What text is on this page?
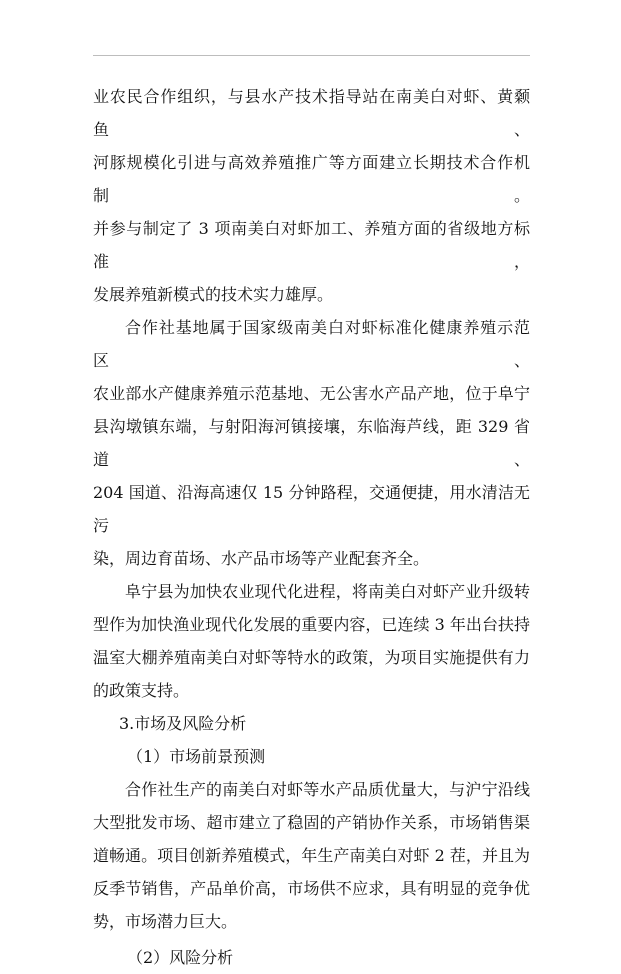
业农民合作组织，与县水产技术指导站在南美白对虾、黄颡鱼、

河豚规模化引进与高效养殖推广等方面建立长期技术合作机制。

并参与制定了 3 项南美白对虾加工、养殖方面的省级地方标准，

发展养殖新模式的技术实力雄厚。

合作社基地属于国家级南美白对虾标准化健康养殖示范区、

农业部水产健康养殖示范基地、无公害水产品产地，位于阜宁

县沟墩镇东端，与射阳海河镇接壤，东临海芦线，距 329 省道、

204 国道、沿海高速仅 15 分钟路程，交通便捷，用水清洁无污

染，周边育苗场、水产品市场等产业配套齐全。

阜宁县为加快农业现代化进程，将南美白对虾产业升级转

型作为加快渔业现代化发展的重要内容，已连续 3 年出台扶持

温室大棚养殖南美白对虾等特水的政策，为项目实施提供有力

的政策支持。

3.市场及风险分析

（1）市场前景预测

合作社生产的南美白对虾等水产品质优量大，与沪宁沿线

大型批发市场、超市建立了稳固的产销协作关系，市场销售渠

道畅通。项目创新养殖模式，年生产南美白对虾 2 茬，并且为

反季节销售，产品单价高，市场供不应求，具有明显的竞争优

势，市场潜力巨大。

（2）风险分析
